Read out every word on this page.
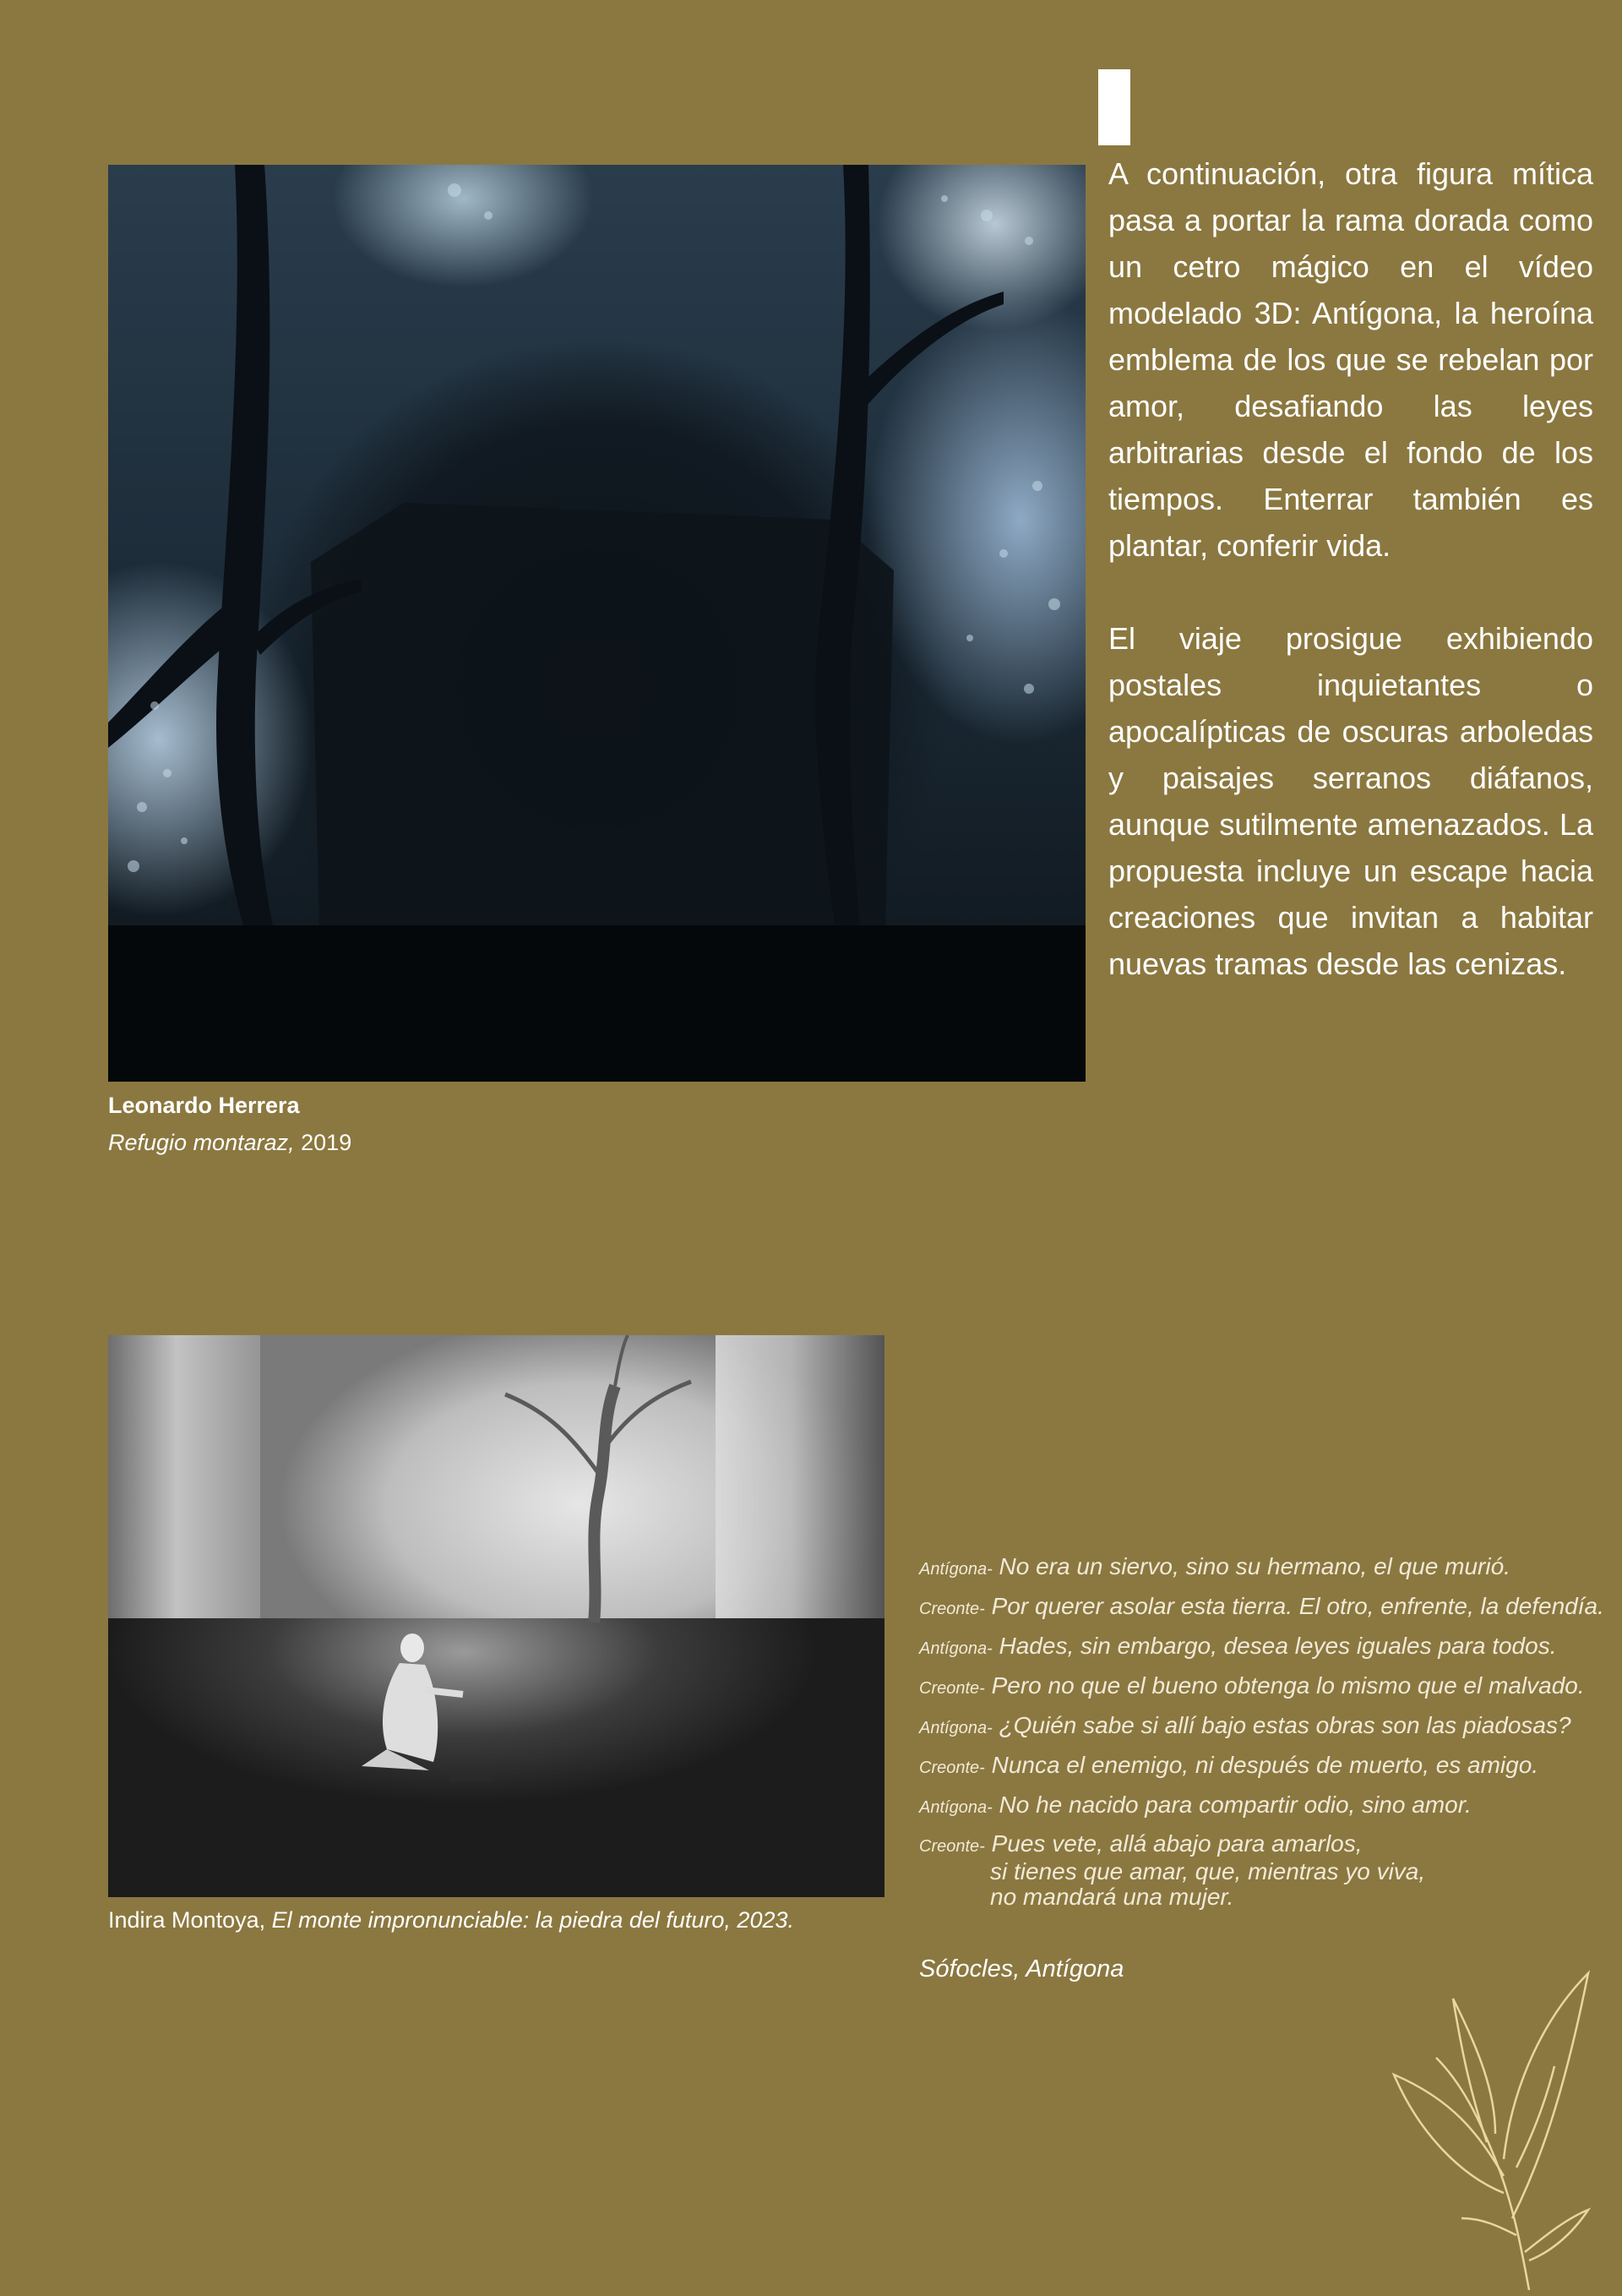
Leonardo Herrera
Refugio montaraz, 2019

A continuación, otra figura mítica pasa a portar la rama dorada como un cetro mágico en el vídeo modelado 3D: Antígona, la heroína emblema de los que se rebelan por amor, desafiando las leyes arbitrarias desde el fondo de los tiempos. Enterrar también es plantar, conferir vida.

El viaje prosigue exhibiendo postales inquietantes o apocalípticas de oscuras arboledas y paisajes serranos diáfanos, aunque sutilmente amenazados. La propuesta incluye un escape hacia creaciones que invitan a habitar nuevas tramas desde las cenizas.

Indira Montoya, El monte impronunciable: la piedra del futuro, 2023.
Antígona- No era un siervo, sino su hermano, el que murió.
Creonte- Por querer asolar esta tierra. El otro, enfrente, la defendía.
Antígona- Hades, sin embargo, desea leyes iguales para todos.
Creonte- Pero no que el bueno obtenga lo mismo que el malvado.
Antígona- ¿Quién sabe si allí bajo estas obras son las piadosas?
Creonte- Nunca el enemigo, ni después de muerto, es amigo.
Antígona- No he nacido para compartir odio, sino amor.
Creonte- Pues vete, allá abajo para amarlos,
si tienes que amar, que, mientras yo viva,
no mandará una mujer.
Sófocles, Antígona
